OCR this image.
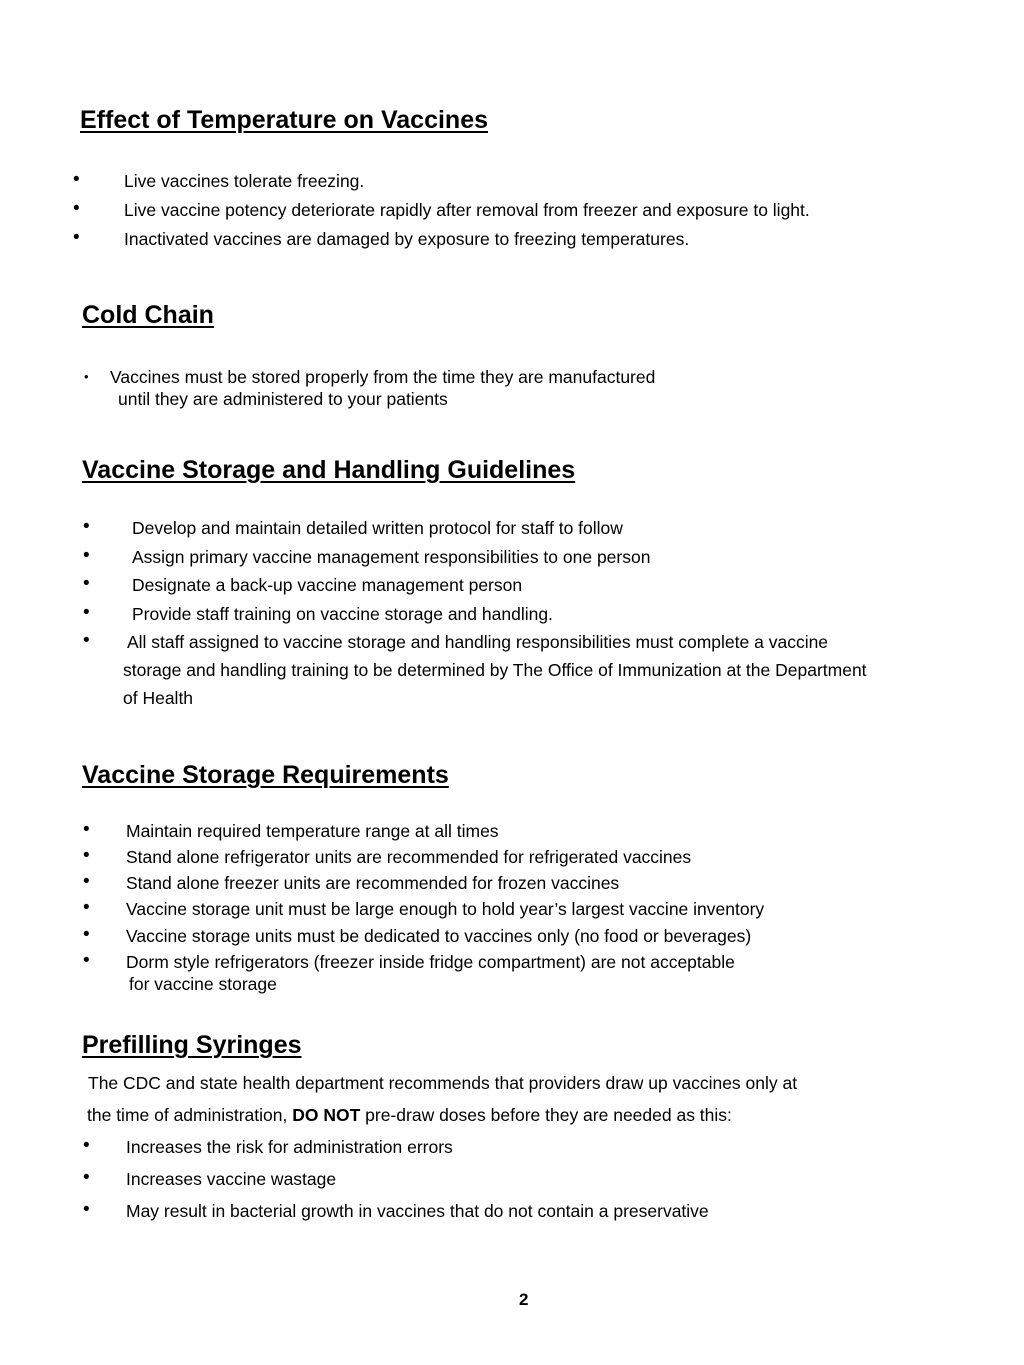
Effect of Temperature on Vaccines
•	Live vaccines tolerate freezing.
•	Live vaccine potency deteriorate rapidly after removal from freezer and exposure to light.
•	Inactivated vaccines are damaged by exposure to freezing temperatures.
Cold Chain
• Vaccines must be stored properly from the time they are manufactured
until they are administered to your patients
Vaccine Storage and Handling Guidelines
• Develop and maintain detailed written protocol for staff to follow
• Assign primary vaccine management responsibilities to one person
• Designate a back-up vaccine management person
• Provide staff training on vaccine storage and handling.
• All staff assigned to vaccine storage and handling responsibilities must complete a vaccine
storage and handling training to be determined by The Office of Immunization at the Department
of Health
Vaccine Storage Requirements
• Maintain required temperature range at all times
• Stand alone refrigerator units are recommended for refrigerated vaccines
• Stand alone freezer units are recommended for frozen vaccines
• Vaccine storage unit must be large enough to hold year’s largest vaccine inventory
• Vaccine storage units must be dedicated to vaccines only (no food or beverages)
• Dorm style refrigerators (freezer inside fridge compartment) are not acceptable
for vaccine storage
Prefilling Syringes
The CDC and state health department recommends that providers draw up vaccines only at
the time of administration, DO NOT pre-draw doses before they are needed as this:
• Increases the risk for administration errors
• Increases vaccine wastage
• May result in bacterial growth in vaccines that do not contain a preservative
2
